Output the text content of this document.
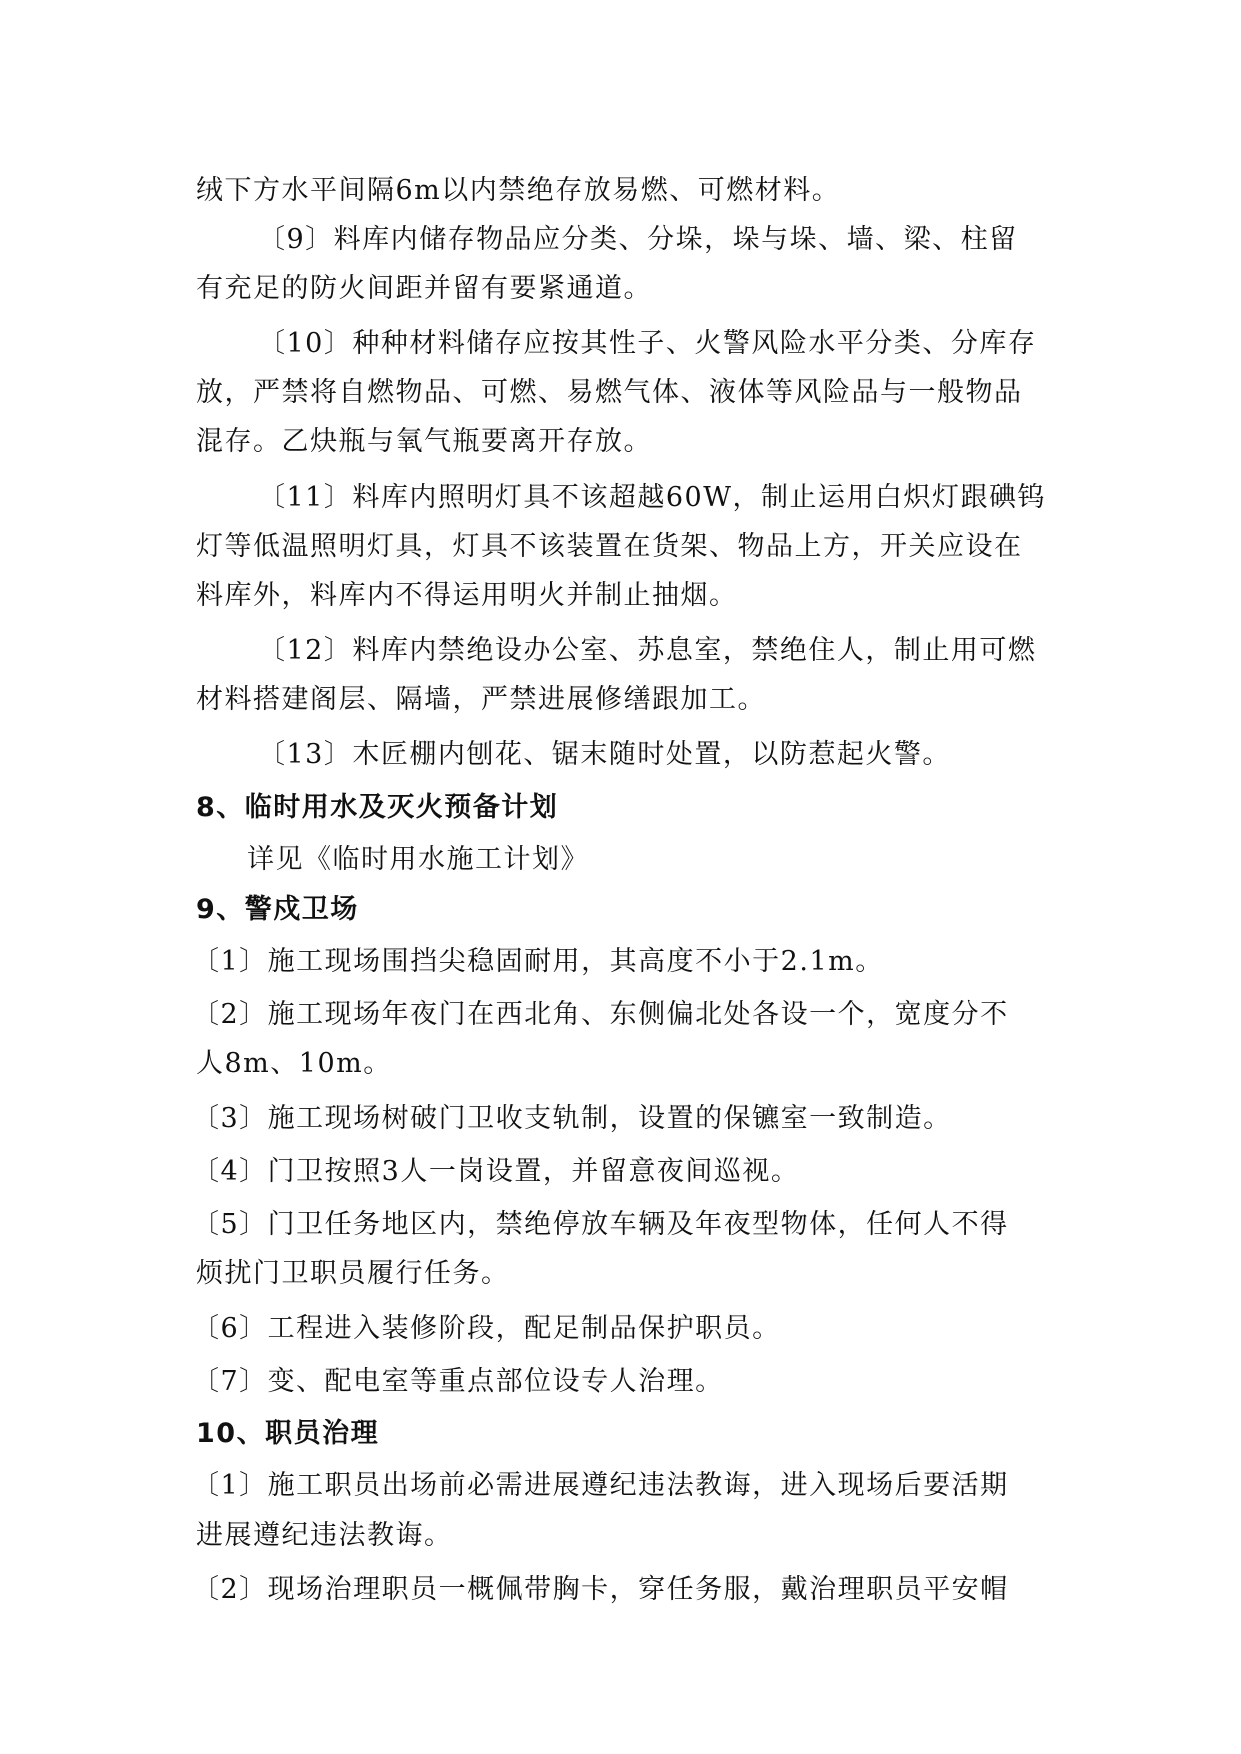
绒下方水平间隔6m以内禁绝存放易燃、可燃材料。
〔9〕料库内储存物品应分类、分垛，垛与垛、墙、梁、柱留
有充足的防火间距并留有要紧通道。
〔10〕种种材料储存应按其性子、火警风险水平分类、分库存
放，严禁将自燃物品、可燃、易燃气体、液体等风险品与一般物品
混存。乙炔瓶与氧气瓶要离开存放。
〔11〕料库内照明灯具不该超越60W，制止运用白炽灯跟碘钨
灯等低温照明灯具，灯具不该装置在货架、物品上方，开关应设在
料库外，料库内不得运用明火并制止抽烟。
〔12〕料库内禁绝设办公室、苏息室，禁绝住人，制止用可燃
材料搭建阁层、隔墙，严禁进展修缮跟加工。
〔13〕木匠棚内刨花、锯末随时处置，以防惹起火警。
8、临时用水及灭火预备计划
详见《临时用水施工计划》
9、警戍卫场
〔1〕施工现场围挡尖稳固耐用，其高度不小于2.1m。
〔2〕施工现场年夜门在西北角、东侧偏北处各设一个，宽度分不
人8m、10m。
〔3〕施工现场树破门卫收支轨制，设置的保镳室一致制造。
〔4〕门卫按照3人一岗设置，并留意夜间巡视。
〔5〕门卫任务地区内，禁绝停放车辆及年夜型物体，任何人不得
烦扰门卫职员履行任务。
〔6〕工程进入装修阶段，配足制品保护职员。
〔7〕变、配电室等重点部位设专人治理。
10、职员治理
〔1〕施工职员出场前必需进展遵纪违法教诲，进入现场后要活期
进展遵纪违法教诲。
〔2〕现场治理职员一概佩带胸卡，穿任务服，戴治理职员平安帽
